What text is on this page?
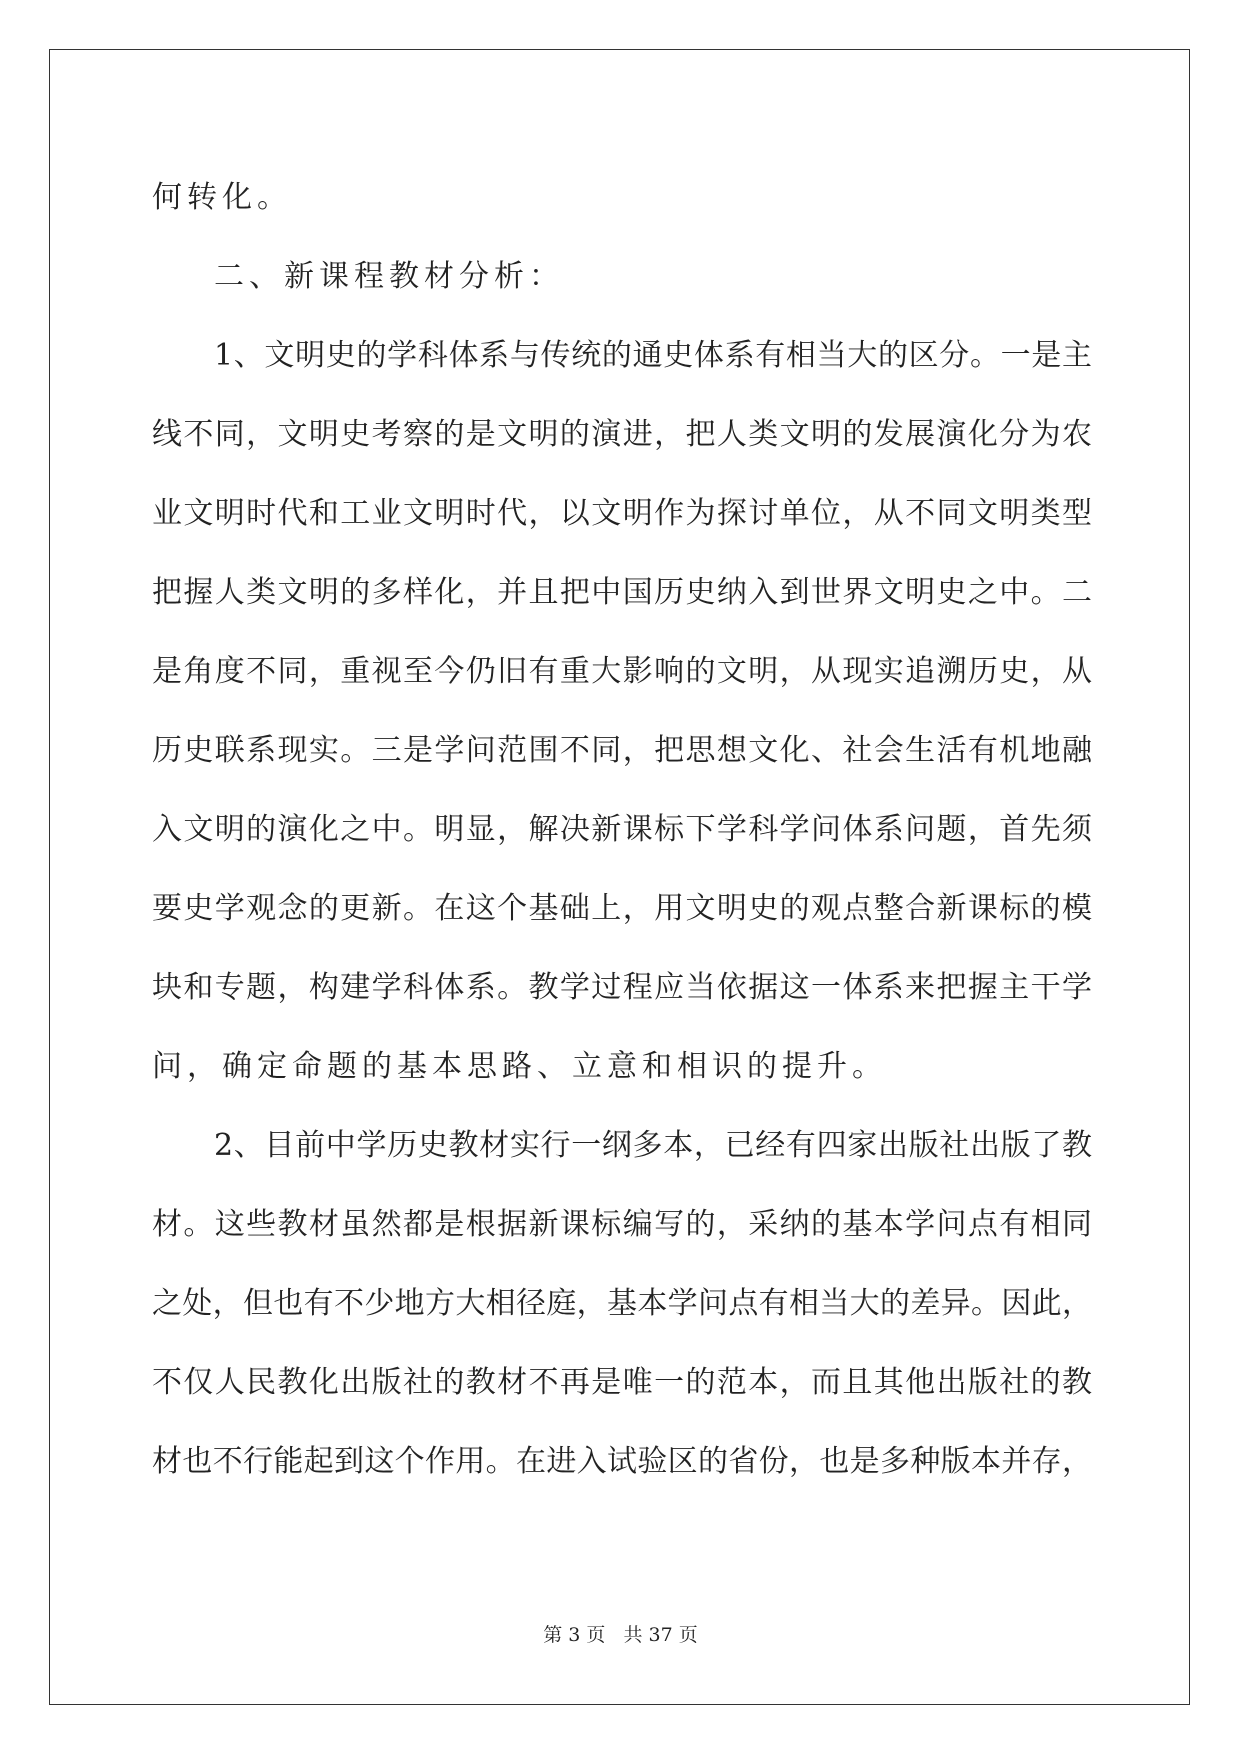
何转化。
二、新课程教材分析：
1、文明史的学科体系与传统的通史体系有相当大的区分。一是主
线不同，文明史考察的是文明的演进，把人类文明的发展演化分为农
业文明时代和工业文明时代，以文明作为探讨单位，从不同文明类型
把握人类文明的多样化，并且把中国历史纳入到世界文明史之中。二
是角度不同，重视至今仍旧有重大影响的文明，从现实追溯历史，从
历史联系现实。三是学问范围不同，把思想文化、社会生活有机地融
入文明的演化之中。明显，解决新课标下学科学问体系问题，首先须
要史学观念的更新。在这个基础上，用文明史的观点整合新课标的模
块和专题，构建学科体系。教学过程应当依据这一体系来把握主干学
问，确定命题的基本思路、立意和相识的提升。
2、目前中学历史教材实行一纲多本，已经有四家出版社出版了教
材。这些教材虽然都是根据新课标编写的，采纳的基本学问点有相同
之处，但也有不少地方大相径庭，基本学问点有相当大的差异。因此，
不仅人民教化出版社的教材不再是唯一的范本，而且其他出版社的教
材也不行能起到这个作用。在进入试验区的省份，也是多种版本并存，
第 3 页 共 37 页
